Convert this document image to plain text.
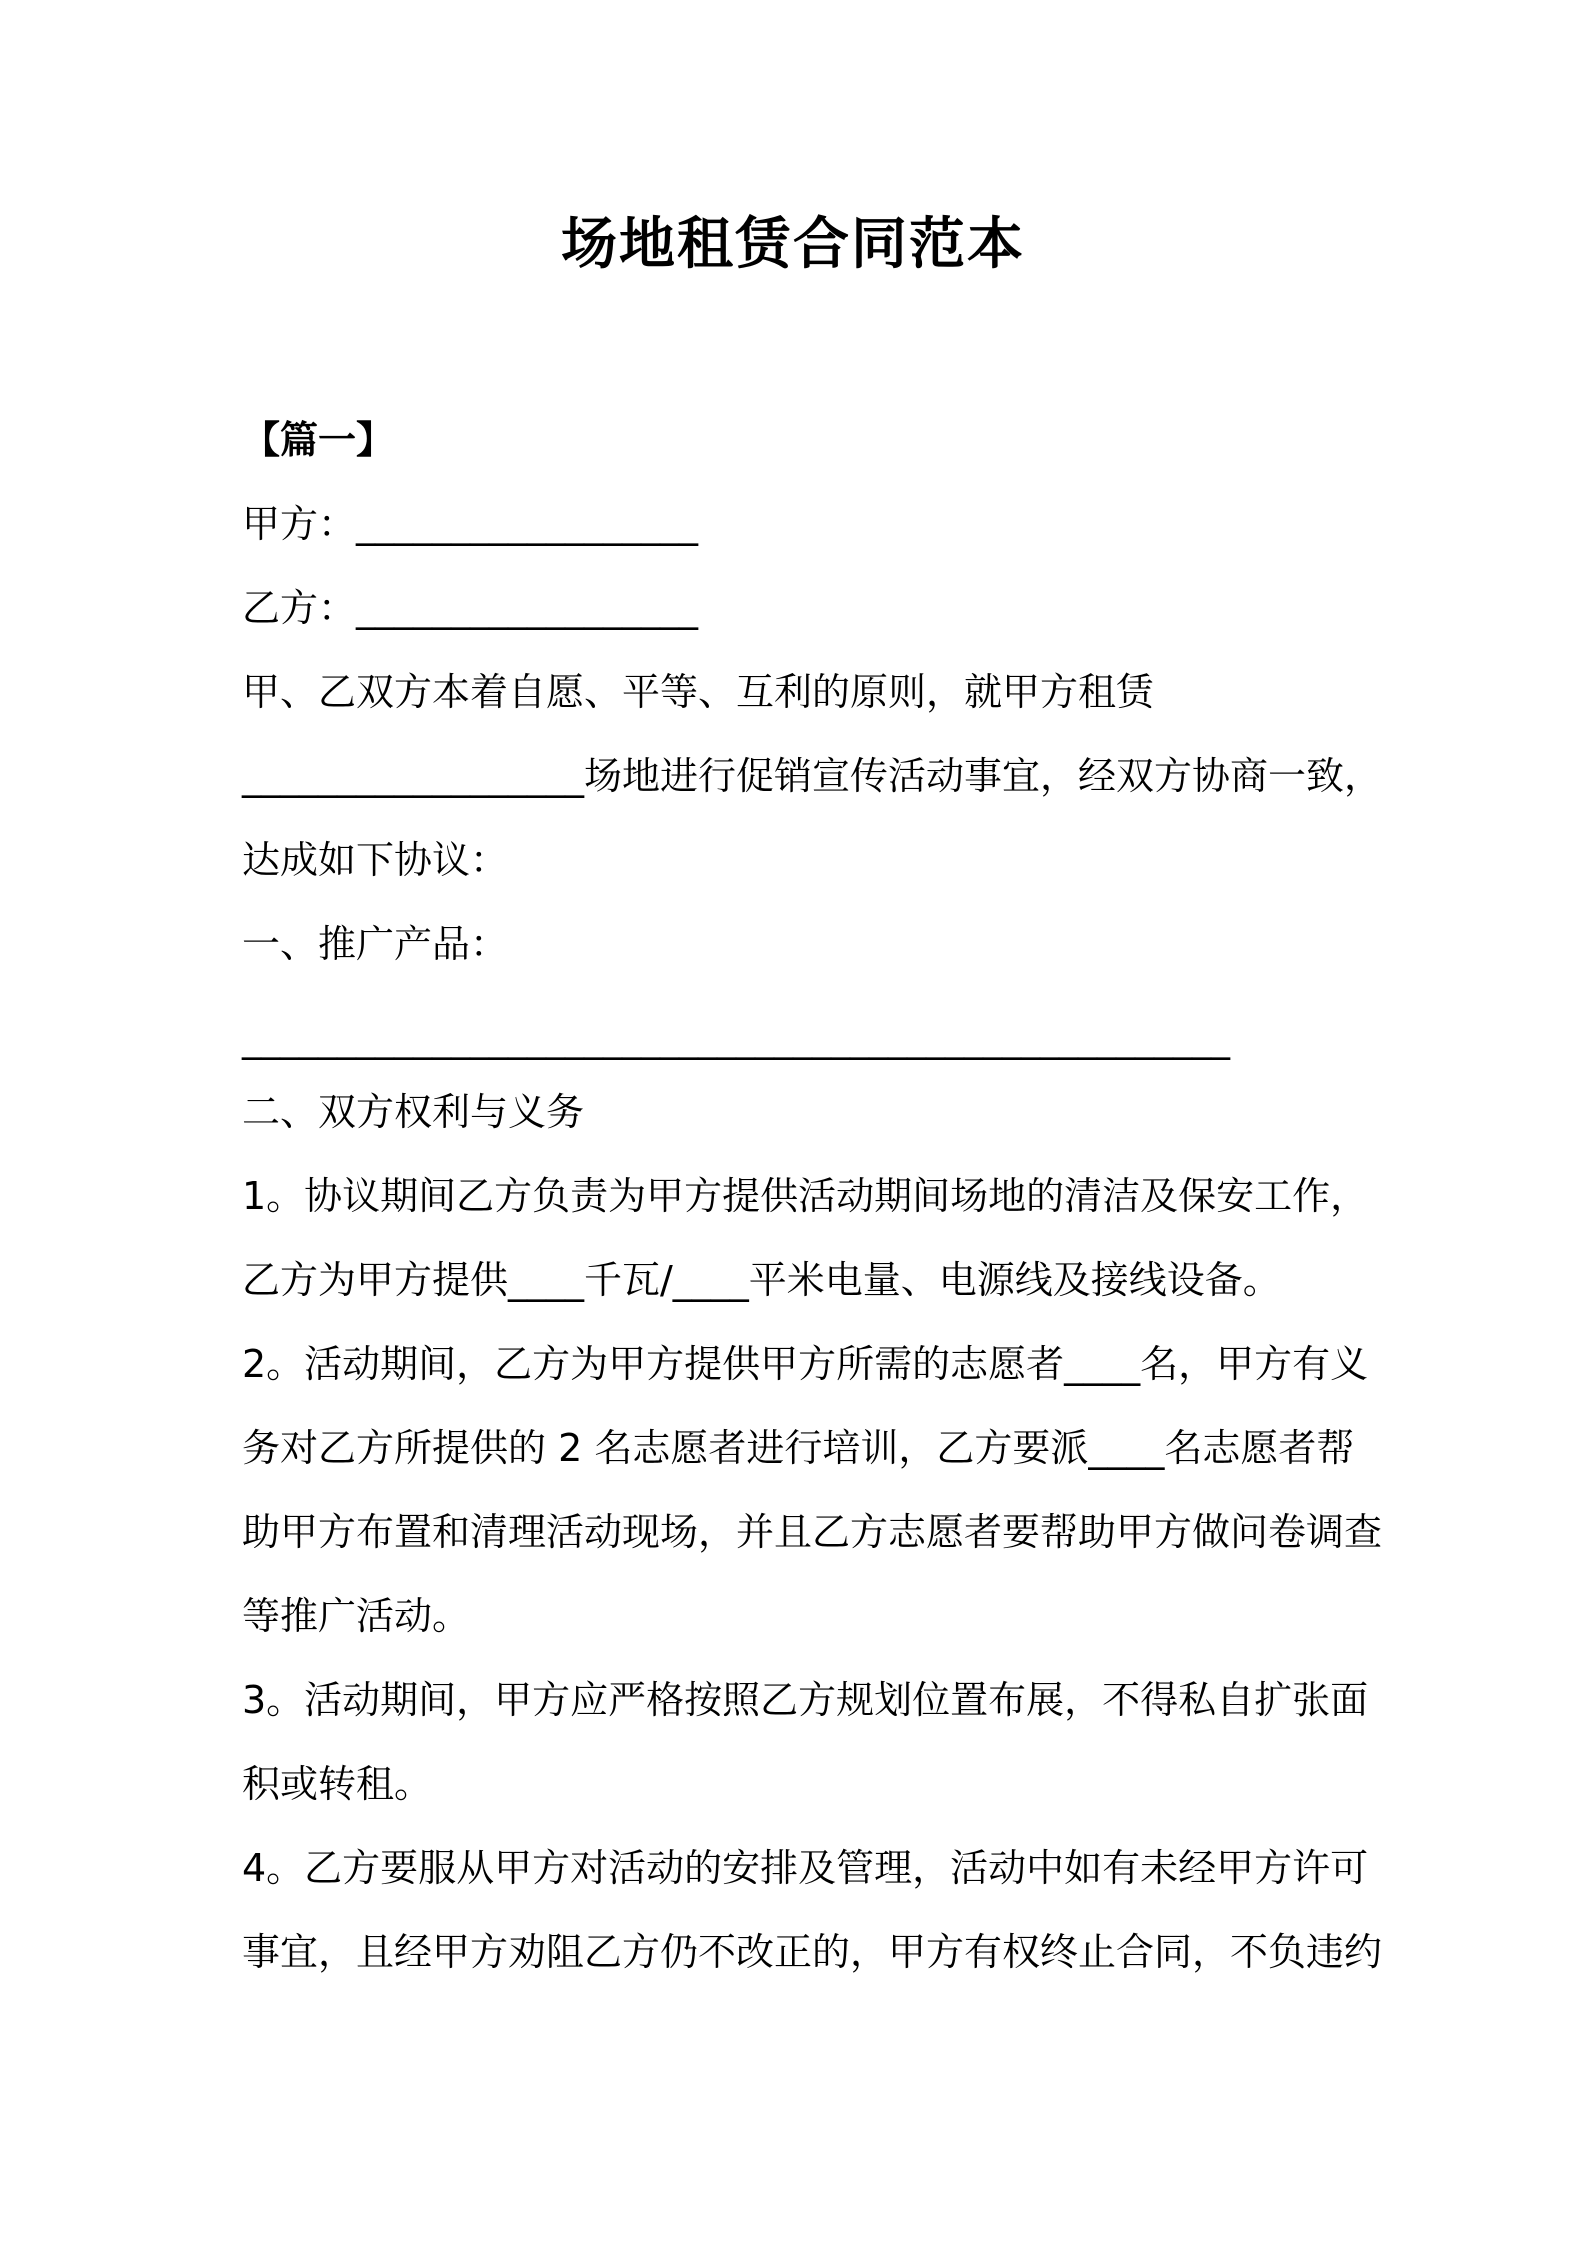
场地租赁合同范本
【篇一】
甲方：__________________
乙方：__________________
甲、乙双方本着自愿、平等、互利的原则，就甲方租赁
__________________场地进行促销宣传活动事宜，经双方协商一致，
达成如下协议：
一、推广产品：
____________________________________________________
二、双方权利与义务
1。协议期间乙方负责为甲方提供活动期间场地的清洁及保安工作，
乙方为甲方提供____千瓦/____平米电量、电源线及接线设备。
2。活动期间，乙方为甲方提供甲方所需的志愿者____名，甲方有义
务对乙方所提供的 2 名志愿者进行培训，乙方要派____名志愿者帮
助甲方布置和清理活动现场，并且乙方志愿者要帮助甲方做问卷调查
等推广活动。
3。活动期间，甲方应严格按照乙方规划位置布展，不得私自扩张面
积或转租。
4。乙方要服从甲方对活动的安排及管理，活动中如有未经甲方许可
事宜，且经甲方劝阻乙方仍不改正的，甲方有权终止合同，不负违约
